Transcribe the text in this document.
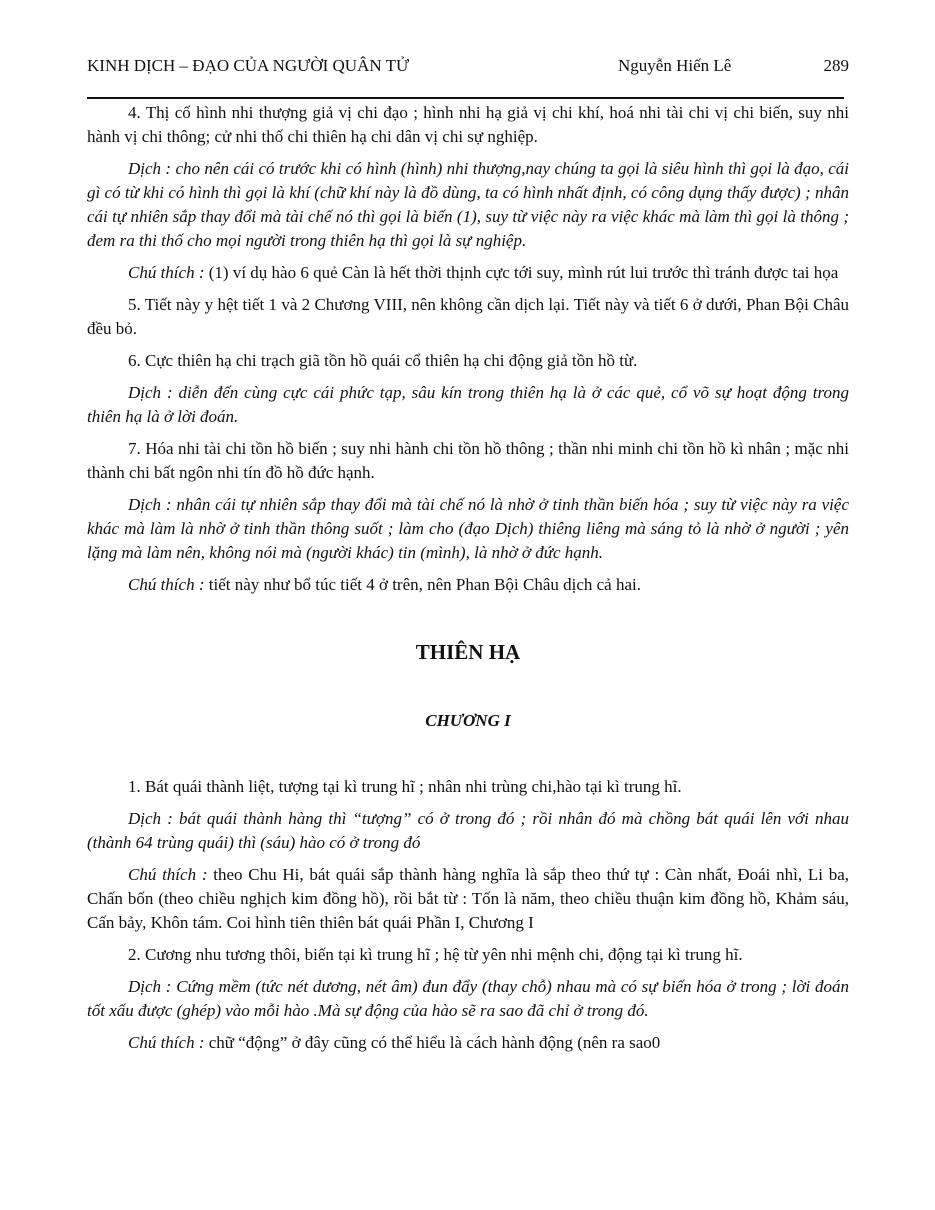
KINH DỊCH – ĐẠO CỦA NGƯỜI QUÂN TỬ	Nguyễn Hiến Lê	289

4. Thị cố hình nhi thượng giả vị chi đạo ; hình nhi hạ giả vị chi khí, hoá nhi tài chi vị chi biến, suy nhi hành vị chi thông; cử nhi thố chi thiên hạ chi dân vị chi sự nghiệp.

Dịch : cho nên cái có trước khi có hình (hình) nhi thượng,nay chúng ta gọi là siêu hình thì gọi là đạo, cái gì có từ khi có hình thì gọi là khí (chữ khí này là đồ dùng, ta có hình nhất định, có công dụng thấy được) ; nhân cái tự nhiên sắp thay đổi mà tài chế nó thì gọi là biến (1), suy từ việc này ra việc khác mà làm thì gọi là thông ; đem ra thi thố cho mọi người trong thiên hạ thì gọi là sự nghiệp.

Chú thích : (1) ví dụ hào 6 quẻ Càn là hết thời thịnh cực tới suy, mình rút lui trước thì tránh được tai họa

5. Tiết này y hệt tiết 1 và 2 Chương VIII, nên không cần dịch lại. Tiết này và tiết 6 ở dưới, Phan Bội Châu đều bỏ.

6. Cực thiên hạ chi trạch giã tồn hồ quái cổ thiên hạ chi động giả tồn hồ từ.

Dịch : diễn đến cùng cực cái phức tạp, sâu kín trong thiên hạ là ở các quẻ, cổ võ sự hoạt động trong thiên hạ là ở lời đoán.

7. Hóa nhi tài chi tồn hồ biến ; suy nhi hành chi tồn hồ thông ; thần nhi minh chi tồn hồ kì nhân ; mặc nhi thành chi bất ngôn nhi tín đồ hồ đức hạnh.

Dịch : nhân cái tự nhiên sắp thay đổi mà tài chế nó là nhờ ở tinh thần biến hóa ; suy từ việc này ra việc khác mà làm là nhờ ở tinh thần thông suốt ; làm cho (đạo Dịch) thiêng liêng mà sáng tỏ là nhờ ở người ; yên lặng mà làm nên, không nói mà (người khác) tin (mình), là nhờ ở đức hạnh.

Chú thích : tiết này như bổ túc tiết 4 ở trên, nên Phan Bội Châu dịch cả hai.

THIÊN HẠ
CHƯƠNG I

1. Bát quái thành liệt, tượng tại kì trung hĩ ; nhân nhi trùng chi,hào tại kì trung hĩ.

Dịch : bát quái thành hàng thì “tượng” có ở trong đó ; rồi nhân đó mà chồng bát quái lên với nhau (thành 64 trùng quái) thì (sáu) hào có ở trong đó

Chú thích : theo Chu Hi, bát quái sắp thành hàng nghĩa là sắp theo thứ tự : Càn nhất, Đoái nhì, Li ba, Chấn bốn (theo chiều nghịch kim đồng hồ), rồi bắt từ : Tốn là năm, theo chiều thuận kim đồng hồ, Khảm sáu, Cấn bảy, Khôn tám. Coi hình tiên thiên bát quái Phần I, Chương I

2. Cương nhu tương thôi, biến tại kì trung hĩ ; hệ từ yên nhi mệnh chi, động tại kì trung hĩ.

Dịch : Cứng mềm (tức nét dương, nét âm) đun đẩy (thay chỗ) nhau mà có sự biến hóa ở trong ; lời đoán tốt xấu được (ghép) vào mỗi hào .Mà sự động của hào sẽ ra sao đã chỉ ở trong đó.

Chú thích : chữ “động” ở đây cũng có thể hiểu là cách hành động (nên ra sao0
